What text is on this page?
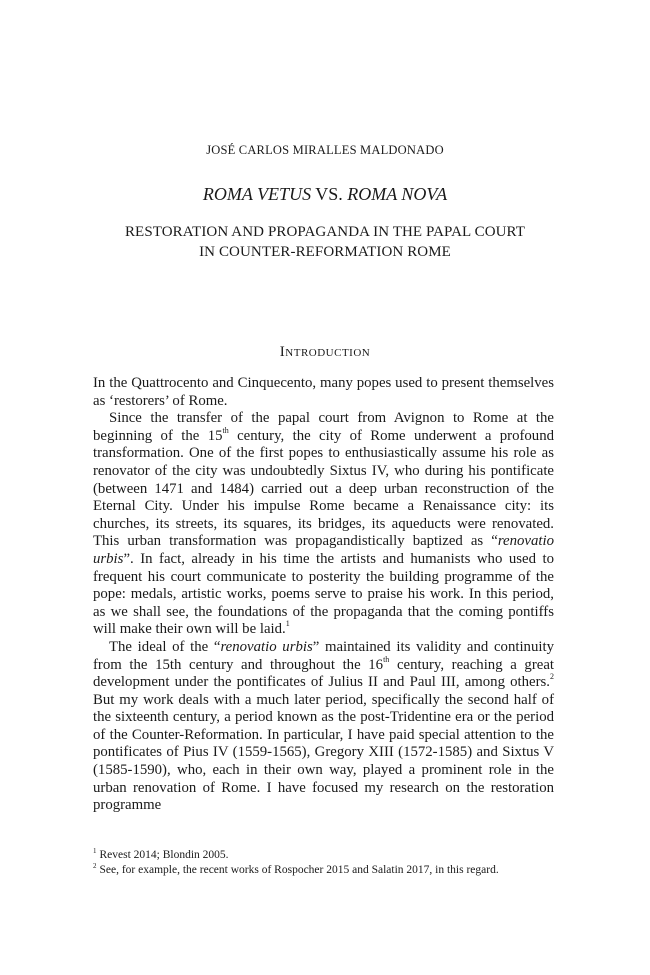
JOSÉ CARLOS MIRALLES MALDONADO
ROMA VETUS VS. ROMA NOVA
RESTORATION AND PROPAGANDA IN THE PAPAL COURT
IN COUNTER-REFORMATION ROME
Introduction

In the Quattrocento and Cinquecento, many popes used to present themselves as ‘restorers’ of Rome.

Since the transfer of the papal court from Avignon to Rome at the beginning of the 15th century, the city of Rome underwent a profound transformation. One of the first popes to enthusiastically assume his role as renovator of the city was undoubtedly Sixtus IV, who during his pontificate (between 1471 and 1484) carried out a deep urban reconstruction of the Eternal City. Under his impulse Rome became a Renaissance city: its churches, its streets, its squares, its bridges, its aqueducts were renovated. This urban transformation was propagandistically baptized as “renovatio urbis”. In fact, already in his time the artists and humanists who used to frequent his court communicate to posterity the building programme of the pope: medals, artistic works, poems serve to praise his work. In this period, as we shall see, the foundations of the propaganda that the coming pontiffs will make their own will be laid.$^1$

The ideal of the “renovatio urbis” maintained its validity and continuity from the 15th century and throughout the 16th century, reaching a great development under the pontificates of Julius II and Paul III, among others.$^2$ But my work deals with a much later period, specifically the second half of the sixteenth century, a period known as the post-Tridentine era or the period of the Counter-Reformation. In particular, I have paid special attention to the pontificates of Pius IV (1559-1565), Gregory XIII (1572-1585) and Sixtus V (1585-1590), who, each in their own way, played a prominent role in the urban renovation of Rome. I have focused my research on the restoration programme

$^1$ Revest 2014; Blondin 2005.
$^2$ See, for example, the recent works of Rospocher 2015 and Salatin 2017, in this regard.
